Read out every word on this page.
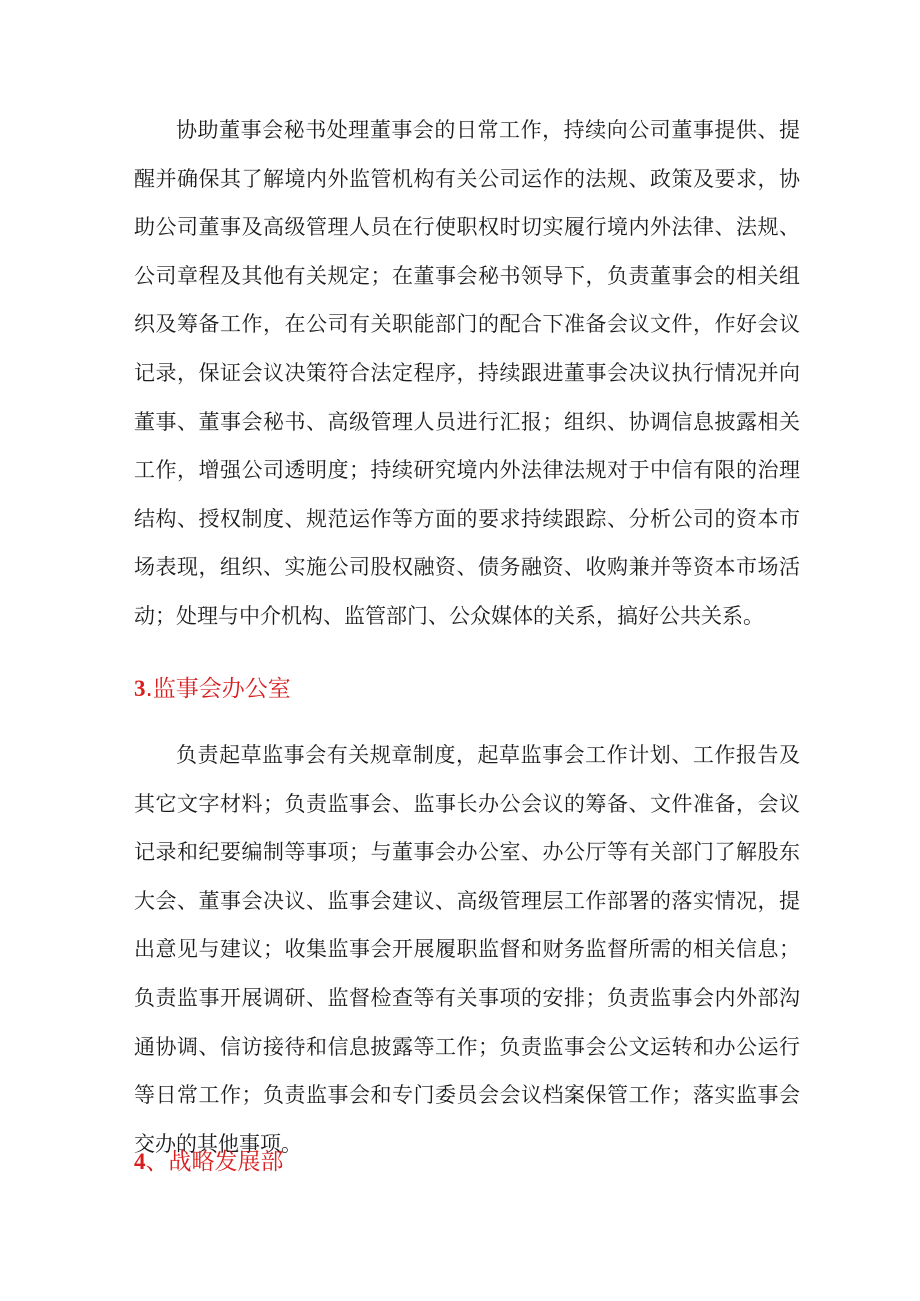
协助董事会秘书处理董事会的日常工作，持续向公司董事提供、提醒并确保其了解境内外监管机构有关公司运作的法规、政策及要求，协助公司董事及高级管理人员在行使职权时切实履行境内外法律、法规、公司章程及其他有关规定；在董事会秘书领导下，负责董事会的相关组织及筹备工作，在公司有关职能部门的配合下准备会议文件，作好会议记录，保证会议决策符合法定程序，持续跟进董事会决议执行情况并向董事、董事会秘书、高级管理人员进行汇报；组织、协调信息披露相关工作，增强公司透明度；持续研究境内外法律法规对于中信有限的治理结构、授权制度、规范运作等方面的要求持续跟踪、分析公司的资本市场表现，组织、实施公司股权融资、债务融资、收购兼并等资本市场活动；处理与中介机构、监管部门、公众媒体的关系，搞好公共关系。

3.监事会办公室

负责起草监事会有关规章制度，起草监事会工作计划、工作报告及其它文字材料；负责监事会、监事长办公会议的筹备、文件准备，会议记录和纪要编制等事项；与董事会办公室、办公厅等有关部门了解股东大会、董事会决议、监事会建议、高级管理层工作部署的落实情况，提出意见与建议；收集监事会开展履职监督和财务监督所需的相关信息；负责监事开展调研、监督检查等有关事项的安排；负责监事会内外部沟通协调、信访接待和信息披露等工作；负责监事会公文运转和办公运行等日常工作；负责监事会和专门委员会会议档案保管工作；落实监事会交办的其他事项。

4、战略发展部
